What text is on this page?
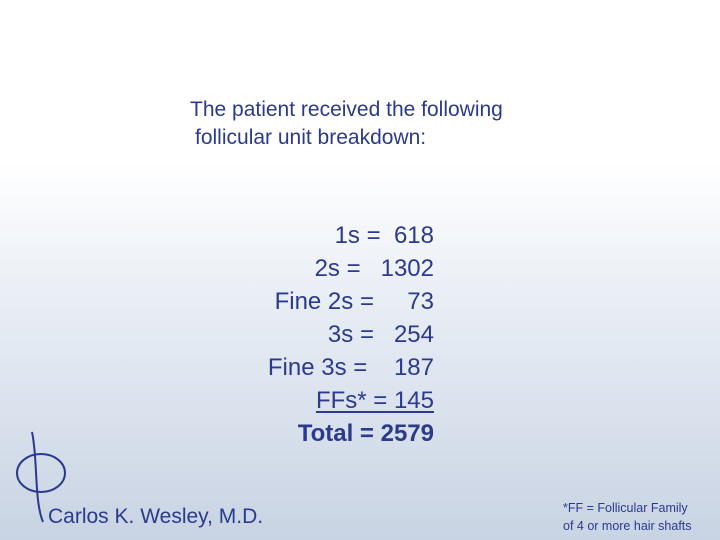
The patient received the following
follicular unit breakdown:
1s =  618
2s =   1302
Fine 2s =     73
3s =   254
Fine 3s =    187
FFs* = 145
Total = 2579
Carlos K. Wesley, M.D.	*FF = Follicular Family
of 4 or more hair shafts
